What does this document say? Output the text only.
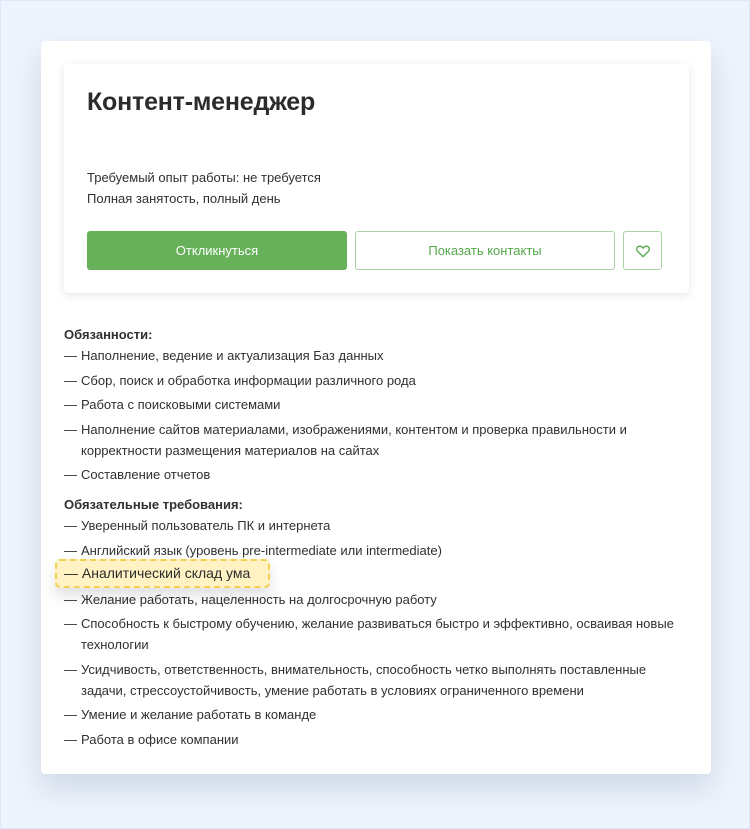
Контент-менеджер
Требуемый опыт работы: не требуется
Полная занятость, полный день
Откликнуться	Показать контакты
Обязанности:
— Наполнение, ведение и актуализация Баз данных
— Сбор, поиск и обработка информации различного рода
— Работа с поисковыми системами
— Наполнение сайтов материалами, изображениями, контентом и проверка правильности и корректности размещения материалов на сайтах
— Составление отчетов
Обязательные требования:
— Уверенный пользователь ПК и интернета
— Английский язык (уровень pre-intermediate или intermediate)
— Желание работать, нацеленность на долгосрочную работу
— Способность к быстрому обучению, желание развиваться быстро и эффективно, осваивая новые технологии
— Усидчивость, ответственность, внимательность, способность четко выполнять поставленные задачи, стрессоустойчивость, умение работать в условиях ограниченного времени
— Умение и желание работать в команде
— Работа в офисе компании
— Аналитический склад ума
